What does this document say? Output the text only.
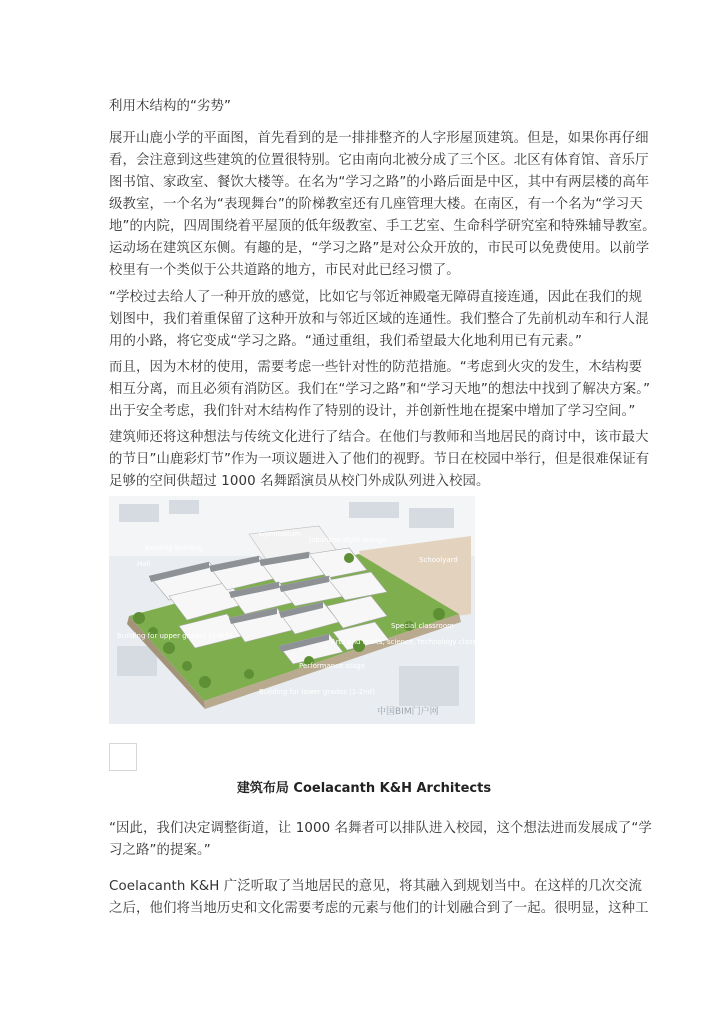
利用木结构的“劣势”

展开山鹿小学的平面图，首先看到的是一排排整齐的人字形屋顶建筑。但是，如果你再仔细
看，会注意到这些建筑的位置很特别。它由南向北被分成了三个区。北区有体育馆、音乐厅
图书馆、家政室、餐饮大楼等。在名为“学习之路”的小路后面是中区，其中有两层楼的高年
级教室，一个名为“表现舞台”的阶梯教室还有几座管理大楼。在南区，有一个名为“学习天
地”的内院，四周围绕着平屋顶的低年级教室、手工艺室、生命科学研究室和特殊辅导教室。
运动场在建筑区东侧。有趣的是，“学习之路”是对公众开放的，市民可以免费使用。以前学
校里有一个类似于公共道路的地方，市民对此已经习惯了。

“学校过去给人了一种开放的感觉，比如它与邻近神殿毫无障碍直接连通，因此在我们的规
划图中，我们着重保留了这种开放和与邻近区域的连通性。我们整合了先前机动车和行人混
用的小路，将它变成“学习之路。“通过重组，我们希望最大化地利用已有元素。”

而且，因为木材的使用，需要考虑一些针对性的防范措施。“考虑到火灾的发生，木结构要
相互分离，而且必须有消防区。我们在“学习之路”和“学习天地”的想法中找到了解决方案。”
出于安全考虑，我们针对木结构作了特别的设计，并创新性地在提案中增加了学习空间。”

建筑师还将这种想法与传统文化进行了结合。在他们与教师和当地居民的商讨中，该市最大
的节日”山鹿彩灯节”作为一项议题进入了他们的视野。节日在校园中举行，但是很难保证有
足够的空间供超过 1000 名舞蹈演员从校门外成队列进入校园。

Gymnasium
Existing building
Hall
Japanese-style lounge
Schoolyard
Building for upper grades (3-6th)
Special classroom
Arts and crafts, science, technology classrooms
Performance stage
Building for lower grades (1-2nd)
中国BIM门户网
建筑布局 Coelacanth K&H Architects

“因此，我们决定调整街道，让 1000 名舞者可以排队进入校园，这个想法进而发展成了“学
习之路”的提案。”

Coelacanth K&H 广泛听取了当地居民的意见，将其融入到规划当中。在这样的几次交流
之后，他们将当地历史和文化需要考虑的元素与他们的计划融合到了一起。很明显，这种工
